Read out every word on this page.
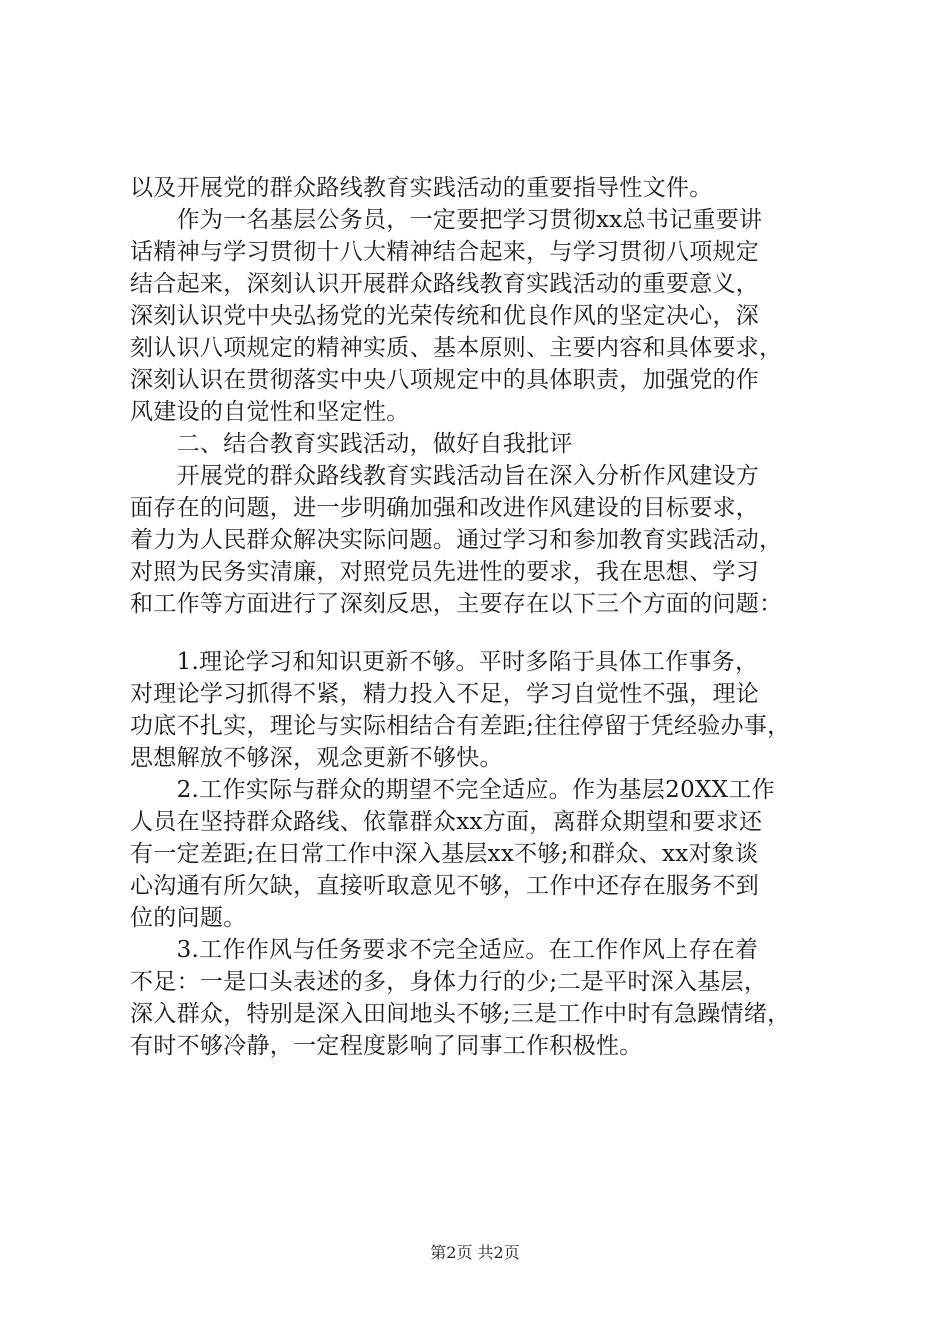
以及开展党的群众路线教育实践活动的重要指导性文件。
　　作为一名基层公务员，一定要把学习贯彻xx总书记重要讲
话精神与学习贯彻十八大精神结合起来，与学习贯彻八项规定
结合起来，深刻认识开展群众路线教育实践活动的重要意义，
深刻认识党中央弘扬党的光荣传统和优良作风的坚定决心，深
刻认识八项规定的精神实质、基本原则、主要内容和具体要求，
深刻认识在贯彻落实中央八项规定中的具体职责，加强党的作
风建设的自觉性和坚定性。
　　二、结合教育实践活动，做好自我批评
　　开展党的群众路线教育实践活动旨在深入分析作风建设方
面存在的问题，进一步明确加强和改进作风建设的目标要求，
着力为人民群众解决实际问题。通过学习和参加教育实践活动，
对照为民务实清廉，对照党员先进性的要求，我在思想、学习
和工作等方面进行了深刻反思，主要存在以下三个方面的问题：
　　1.理论学习和知识更新不够。平时多陷于具体工作事务，
对理论学习抓得不紧，精力投入不足，学习自觉性不强，理论
功底不扎实，理论与实际相结合有差距;往往停留于凭经验办事，
思想解放不够深，观念更新不够快。
　　2.工作实际与群众的期望不完全适应。作为基层20XX工作
人员在坚持群众路线、依靠群众xx方面，离群众期望和要求还
有一定差距;在日常工作中深入基层xx不够;和群众、xx对象谈
心沟通有所欠缺，直接听取意见不够，工作中还存在服务不到
位的问题。
　　3.工作作风与任务要求不完全适应。在工作作风上存在着
不足：一是口头表述的多，身体力行的少;二是平时深入基层，
深入群众，特别是深入田间地头不够;三是工作中时有急躁情绪，
有时不够冷静，一定程度影响了同事工作积极性。
第2页 共2页
